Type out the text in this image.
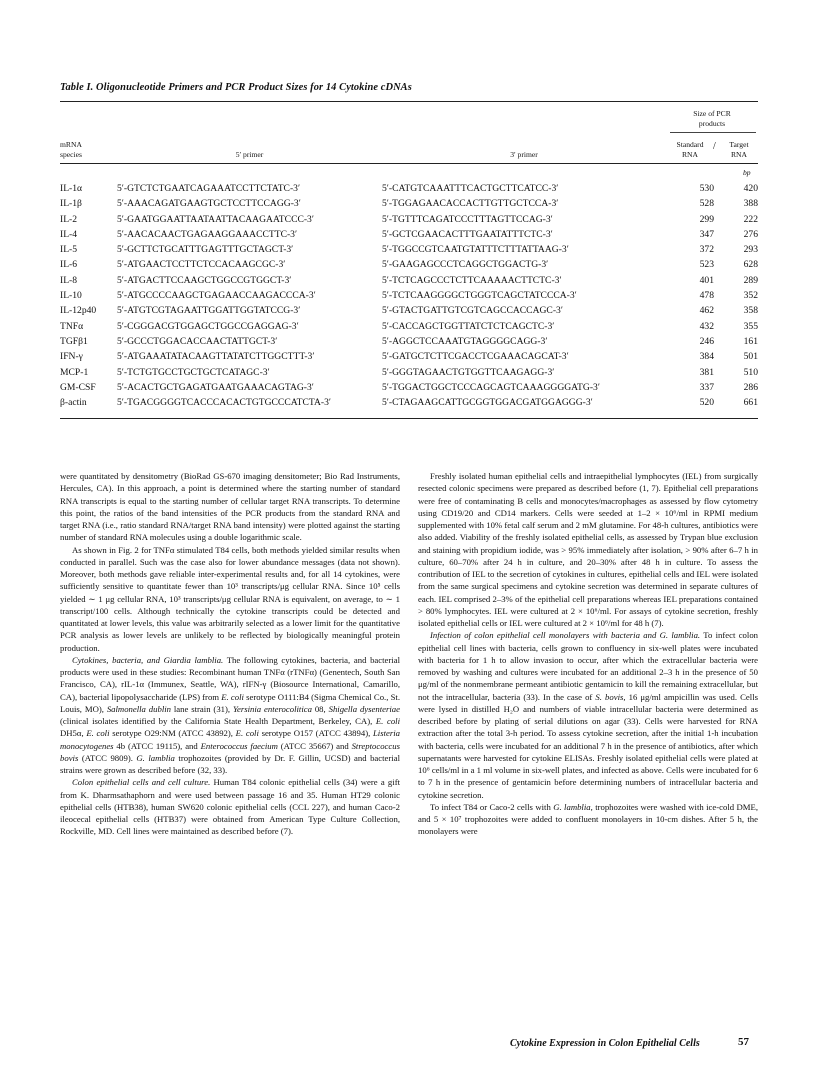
Table I. Oligonucleotide Primers and PCR Product Sizes for 14 Cytokine cDNAs
mRNA
species	5′ primer	3′ primer
Size of PCR
products
Standard
RNA
/	Target
RNA
bp
IL-1α	5′-GTCTCTGAATCAGAAATCCTTCTATC-3′	5′-CATGTCAAATTTCACTGCTTCATCC-3′	530	420
IL-1β	5′-AAACAGATGAAGTGCTCCTTCCAGG-3′	5′-TGGAGAACACCACTTGTTGCTCCA-3′	528	388
IL-2	5′-GAATGGAATTAATAATTACAAGAATCCC-3′	5′-TGTTTCAGATCCCTTTAGTTCCAG-3′	299	222
IL-4	5′-AACACAACTGAGAAGGAAACCTTC-3′	5′-GCTCGAACACTTTGAATATTTCTC-3′	347	276
IL-5	5′-GCTTCTGCATTTGAGTTTGCTAGCT-3′	5′-TGGCCGTCAATGTATTTCTTTATTAAG-3′	372	293
IL-6	5′-ATGAACTCCTTCTCCACAAGCGC-3′	5′-GAAGAGCCCTCAGGCTGGACTG-3′	523	628
IL-8	5′-ATGACTTCCAAGCTGGCCGTGGCT-3′	5′-TCTCAGCCCTCTTCAAAAACTTCTC-3′	401	289
IL-10	5′-ATGCCCCAAGCTGAGAACCAAGACCCA-3′	5′-TCTCAAGGGGCTGGGTCAGCTATCCCA-3′	478	352
IL-12p40	5′-ATGTCGTAGAATTGGATTGGTATCCG-3′	5′-GTACTGATTGTCGTCAGCCACCAGC-3′	462	358
TNFα	5′-CGGGACGTGGAGCTGGCCGAGGAG-3′	5′-CACCAGCTGGTTATCTCTCAGCTC-3′	432	355
TGFβ1	5′-GCCCTGGACACCAACTATTGCT-3′	5′-AGGCTCCAAATGTAGGGGCAGG-3′	246	161
IFN-γ	5′-ATGAAATATACAAGTTATATCTTGGCTTT-3′	5′-GATGCTCTTCGACCTCGAAACAGCAT-3′	384	501
MCP-1	5′-TCTGTGCCTGCTGCTCATAGC-3′	5′-GGGTAGAACTGTGGTTCAAGAGG-3′	381	510
GM-CSF	5′-ACACTGCTGAGATGAATGAAACAGTAG-3′	5′-TGGACTGGCTCCCAGCAGTCAAAGGGGATG-3′	337	286
β-actin	5′-TGACGGGGTCACCCACACTGTGCCCATCTA-3′	5′-CTAGAAGCATTGCGGTGGACGATGGAGGG-3′	520	661

were quantitated by densitometry (BioRad GS-670 imaging densitometer; Bio Rad Instruments, Hercules, CA). In this approach, a point is determined where the starting number of standard RNA transcripts is equal to the starting number of cellular target RNA transcripts. To determine this point, the ratios of the band intensities of the PCR products from the standard RNA and target RNA (i.e., ratio standard RNA/target RNA band intensity) were plotted against the starting number of standard RNA molecules using a double logarithmic scale.

As shown in Fig. 2 for TNFα stimulated T84 cells, both methods yielded similar results when conducted in parallel. Such was the case also for lower abundance messages (data not shown). Moreover, both methods gave reliable inter-experimental results and, for all 14 cytokines, were sufficiently sensitive to quantitate fewer than 10³ transcripts/μg cellular RNA. Since 10⁵ cells yielded ∼ 1 μg cellular RNA, 10³ transcripts/μg cellular RNA is equivalent, on average, to ∼ 1 transcript/100 cells. Although technically the cytokine transcripts could be detected and quantitated at lower levels, this value was arbitrarily selected as a lower limit for the quantitative PCR analysis as lower levels are unlikely to be reflected by biologically meaningful protein production.

Cytokines, bacteria, and Giardia lamblia. The following cytokines, bacteria, and bacterial products were used in these studies: Recombinant human TNFα (rTNFα) (Genentech, South San Francisco, CA), rIL-1α (Immunex, Seattle, WA), rIFN-γ (Biosource International, Camarillo, CA), bacterial lipopolysaccharide (LPS) from E. coli serotype O111:B4 (Sigma Chemical Co., St. Louis, MO), Salmonella dublin lane strain (31), Yersinia enterocolitica 08, Shigella dysenteriae (clinical isolates identified by the California State Health Department, Berkeley, CA), E. coli DH5α, E. coli serotype O29:NM (ATCC 43892), E. coli serotype O157 (ATCC 43894), Listeria monocytogenes 4b (ATCC 19115), and Enterococcus faecium (ATCC 35667) and Streptococcus bovis (ATCC 9809). G. lamblia trophozoites (provided by Dr. F. Gillin, UCSD) and bacterial strains were grown as described before (32, 33).

Colon epithelial cells and cell culture. Human T84 colonic epithelial cells (34) were a gift from K. Dharmsathaphorn and were used between passage 16 and 35. Human HT29 colonic epithelial cells (HTB38), human SW620 colonic epithelial cells (CCL 227), and human Caco-2 ileocecal epithelial cells (HTB37) were obtained from American Type Culture Collection, Rockville, MD. Cell lines were maintained as described before (7).

Freshly isolated human epithelial cells and intraepithelial lymphocytes (IEL) from surgically resected colonic specimens were prepared as described before (1, 7). Epithelial cell preparations were free of contaminating B cells and monocytes/macrophages as assessed by flow cytometry using CD19/20 and CD14 markers. Cells were seeded at 1–2 × 10⁶/ml in RPMI medium supplemented with 10% fetal calf serum and 2 mM glutamine. For 48-h cultures, antibiotics were also added. Viability of the freshly isolated epithelial cells, as assessed by Trypan blue exclusion and staining with propidium iodide, was > 95% immediately after isolation, > 90% after 6–7 h in culture, 60–70% after 24 h in culture, and 20–30% after 48 h in culture. To assess the contribution of IEL to the secretion of cytokines in cultures, epithelial cells and IEL were isolated from the same surgical specimens and cytokine secretion was determined in separate cultures of each. IEL comprised 2–3% of the epithelial cell preparations whereas IEL preparations contained > 80% lymphocytes. IEL were cultured at 2 × 10⁶/ml. For assays of cytokine secretion, freshly isolated epithelial cells or IEL were cultured at 2 × 10⁶/ml for 48 h (7).

Infection of colon epithelial cell monolayers with bacteria and G. lamblia. To infect colon epithelial cell lines with bacteria, cells grown to confluency in six-well plates were incubated with bacteria for 1 h to allow invasion to occur, after which the extracellular bacteria were removed by washing and cultures were incubated for an additional 2–3 h in the presence of 50 μg/ml of the nonmembrane permeant antibiotic gentamicin to kill the remaining extracellular, but not the intracellular, bacteria (33). In the case of S. bovis, 16 μg/ml ampicillin was used. Cells were lysed in distilled H₂O and numbers of viable intracellular bacteria were determined as described before by plating of serial dilutions on agar (33). Cells were harvested for RNA extraction after the total 3-h period. To assess cytokine secretion, after the initial 1-h incubation with bacteria, cells were incubated for an additional 7 h in the presence of antibiotics, after which supernatants were harvested for cytokine ELISAs. Freshly isolated epithelial cells were plated at 10⁶ cells/ml in a 1 ml volume in six-well plates, and infected as above. Cells were incubated for 6 to 7 h in the presence of gentamicin before determining numbers of intracellular bacteria and cytokine secretion.

To infect T84 or Caco-2 cells with G. lamblia, trophozoites were washed with ice-cold DME, and 5 × 10⁷ trophozoites were added to confluent monolayers in 10-cm dishes. After 5 h, the monolayers were

Cytokine Expression in Colon Epithelial Cells	57
